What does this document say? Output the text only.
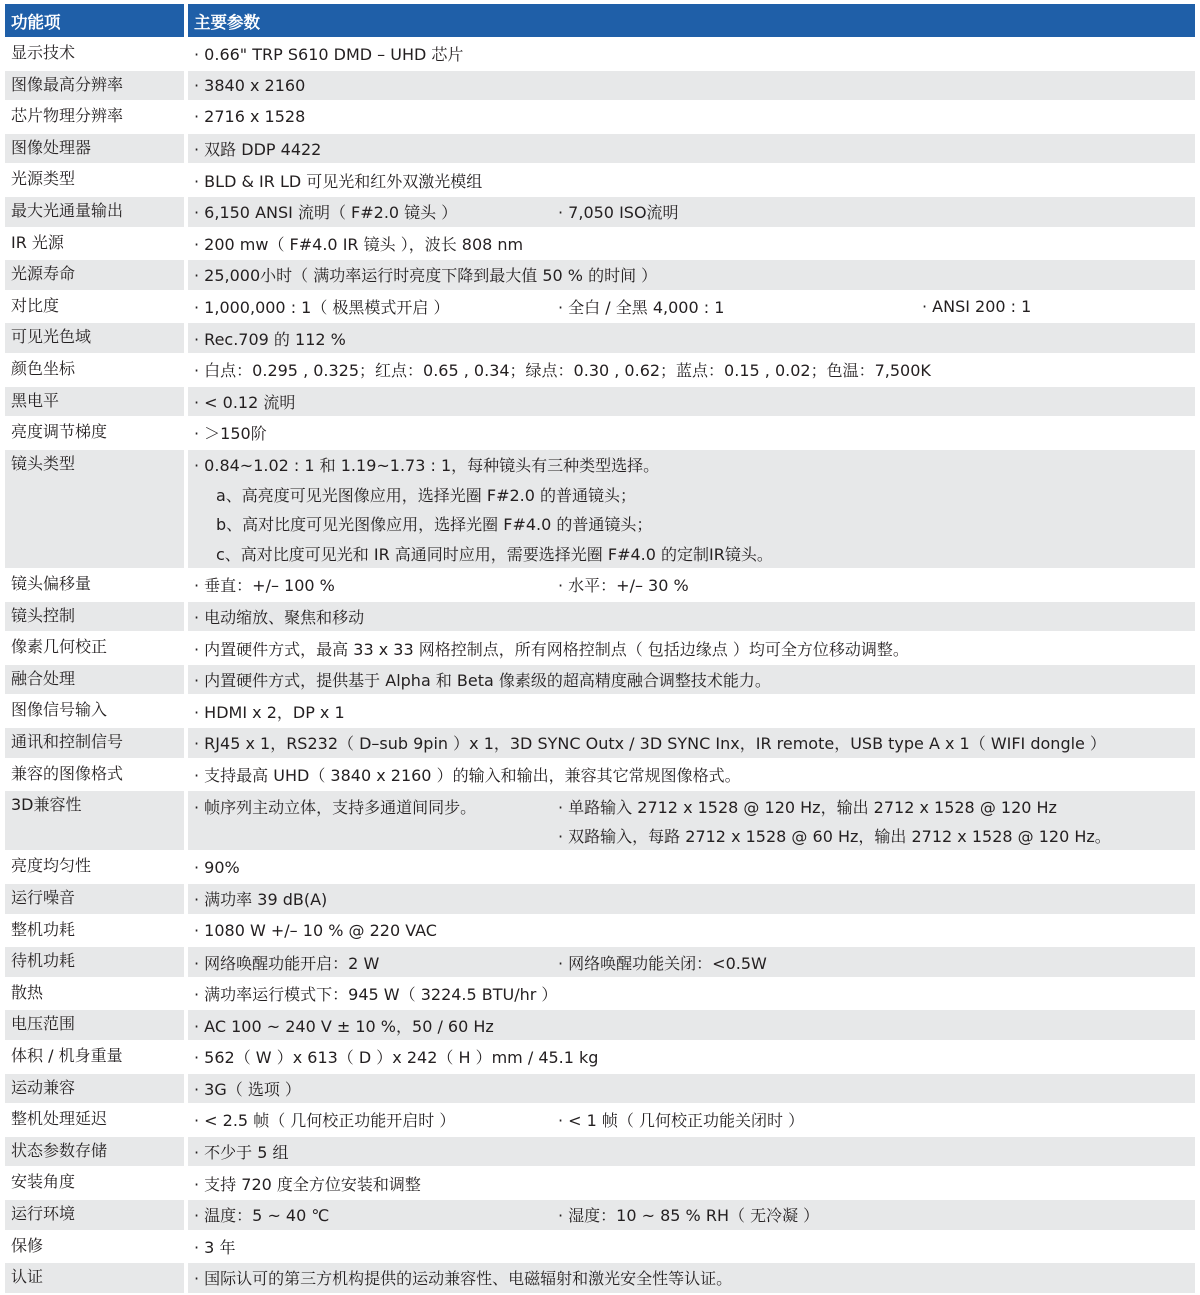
功能项	主要参数
显示技术	· 0.66" TRP S610 DMD – UHD 芯片

图像最高分辨率	· 3840 x 2160

芯片物理分辨率	· 2716 x 1528

图像处理器	· 双路 DDP 4422

光源类型	· BLD & IR LD 可见光和红外双激光模组

最大光通量输出	· 6,150 ANSI 流明（ F#2.0 镜头 ） · 7,050 ISO流明

IR 光源	· 200 mw（ F#4.0 IR 镜头 ），波长 808 nm

光源寿命	· 25,000小时（ 满功率运行时亮度下降到最大值 50 % 的时间 ）

对比度	· 1,000,000 : 1（ 极黑模式开启 ） · 全白 / 全黑 4,000 : 1 · ANSI 200 : 1

可见光色域	· Rec.709 的 112 %

颜色坐标	· 白点：0.295 , 0.325；红点：0.65 , 0.34；绿点：0.30 , 0.62；蓝点：0.15 , 0.02；色温：7,500K

黑电平	· < 0.12 流明

亮度调节梯度	· ＞150阶

镜头类型	· 0.84~1.02 : 1 和 1.19~1.73 : 1，每种镜头有三种类型选择。
a、高亮度可见光图像应用，选择光圈 F#2.0 的普通镜头；
b、高对比度可见光图像应用，选择光圈 F#4.0 的普通镜头；
c、高对比度可见光和 IR 高通同时应用，需要选择光圈 F#4.0 的定制IR镜头。

镜头偏移量	· 垂直：+/– 100 % · 水平：+/– 30 %

镜头控制	· 电动缩放、聚焦和移动

像素几何校正	· 内置硬件方式，最高 33 x 33 网格控制点，所有网格控制点（ 包括边缘点 ）均可全方位移动调整。

融合处理	· 内置硬件方式，提供基于 Alpha 和 Beta 像素级的超高精度融合调整技术能力。

图像信号输入	· HDMI x 2，DP x 1

通讯和控制信号	· RJ45 x 1，RS232（ D–sub 9pin ）x 1，3D SYNC Outx / 3D SYNC Inx，IR remote，USB type A x 1（ WIFI dongle ）

兼容的图像格式	· 支持最高 UHD（ 3840 x 2160 ）的输入和输出，兼容其它常规图像格式。

3D兼容性	· 帧序列主动立体，支持多通道间同步。 · 单路输入 2712 x 1528 @ 120 Hz，输出 2712 x 1528 @ 120 Hz
· 双路输入，每路 2712 x 1528 @ 60 Hz，输出 2712 x 1528 @ 120 Hz。

亮度均匀性	· 90%

运行噪音	· 满功率 39 dB(A)

整机功耗	· 1080 W +/– 10 % @ 220 VAC

待机功耗	· 网络唤醒功能开启：2 W · 网络唤醒功能关闭：<0.5W

散热	· 满功率运行模式下：945 W（ 3224.5 BTU/hr ）

电压范围	· AC 100 ~ 240 V ± 10 %，50 / 60 Hz

体积 / 机身重量	· 562（ W ）x 613（ D ）x 242（ H ）mm / 45.1 kg

运动兼容	· 3G（ 选项 ）

整机处理延迟	· < 2.5 帧（ 几何校正功能开启时 ） · < 1 帧（ 几何校正功能关闭时 ）

状态参数存储	· 不少于 5 组

安装角度	· 支持 720 度全方位安装和调整

运行环境	· 温度：5 ~ 40 ℃ · 湿度：10 ~ 85 % RH（ 无冷凝 ）

保修	· 3 年

认证	· 国际认可的第三方机构提供的运动兼容性、电磁辐射和激光安全性等认证。
